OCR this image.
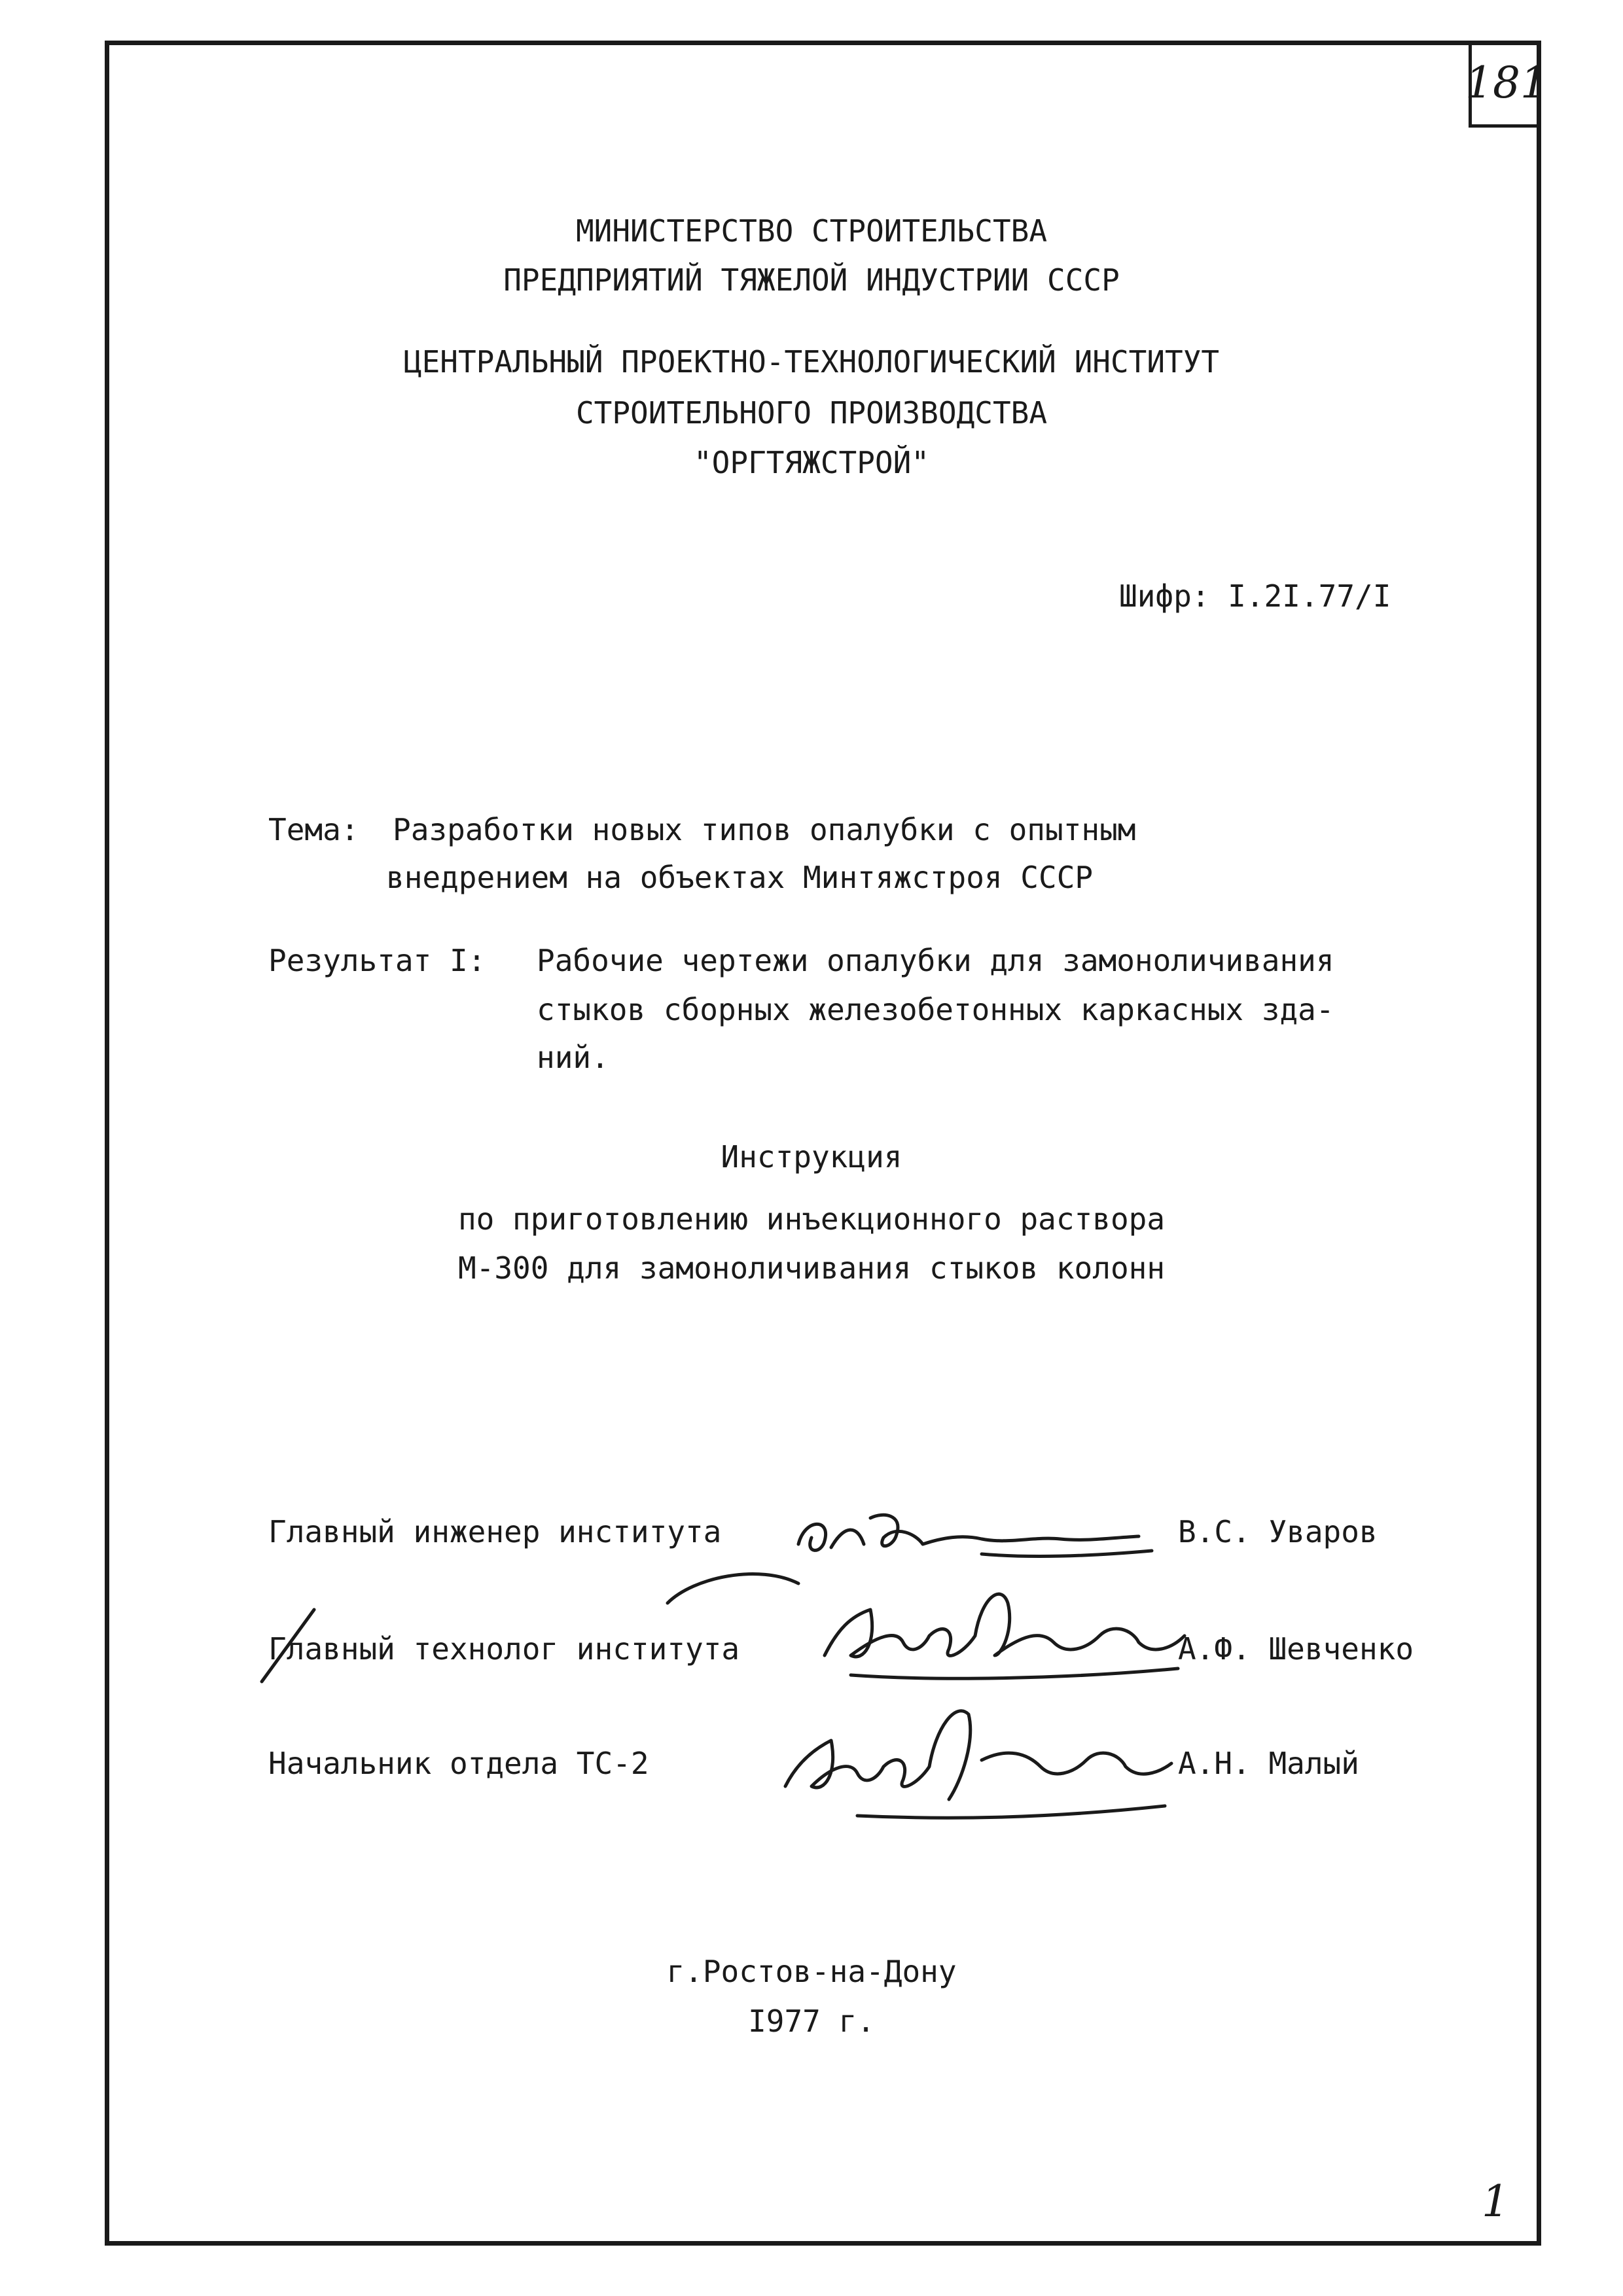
181
МИНИСТЕРСТВО СТРОИТЕЛЬСТВА
ПРЕДПРИЯТИЙ ТЯЖЕЛОЙ ИНДУСТРИИ СССР
ЦЕНТРАЛЬНЫЙ ПРОЕКТНО-ТЕХНОЛОГИЧЕСКИЙ ИНСТИТУТ
СТРОИТЕЛЬНОГО ПРОИЗВОДСТВА
"ОРГТЯЖСТРОЙ"
Шифр: I.2I.77/I
Тема: Разработки новых типов опалубки с опытным
внедрением на объектах Минтяжстроя СССР
Результат I: Рабочие чертежи опалубки для замоноличивания
стыков сборных железобетонных каркасных зда-
ний.
Инструкция
по приготовлению инъекционного раствора
М-300 для замоноличивания стыков колонн
Главный инженер института	В.С. Уваров
Главный технолог института	А.Ф. Шевченко
Начальник отдела ТС-2	А.Н. Малый
г.Ростов-на-Дону
I977 г.
1
